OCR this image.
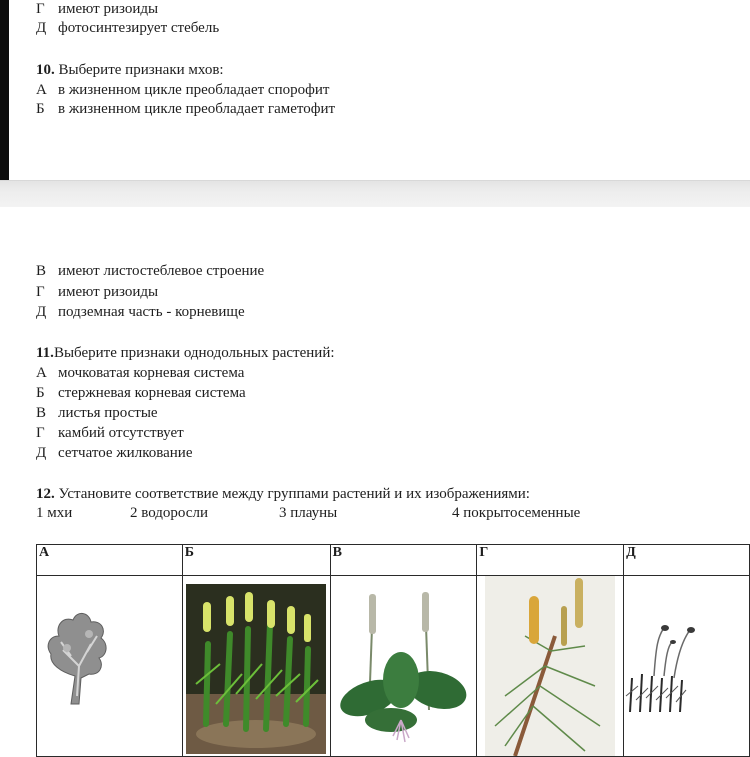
Г имеют ризоиды
Д фотосинтезирует стебель
10. Выберите признаки мхов:
А в жизненном цикле преобладает спорофит
Б в жизненном цикле преобладает гаметофит
В имеют листостеблевое строение
Г имеют ризоиды
Д подземная часть - корневище
11.Выберите признаки однодольных растений:
А мочковатая корневая система
Б стержневая корневая система
В листья простые
Г камбий отсутствует
Д сетчатое жилкование
12. Установите соответствие между группами растений и их изображениями:
1 мхи	2 водоросли	3 плауны	4 покрытосеменные
А	Б	В	Г	Д
